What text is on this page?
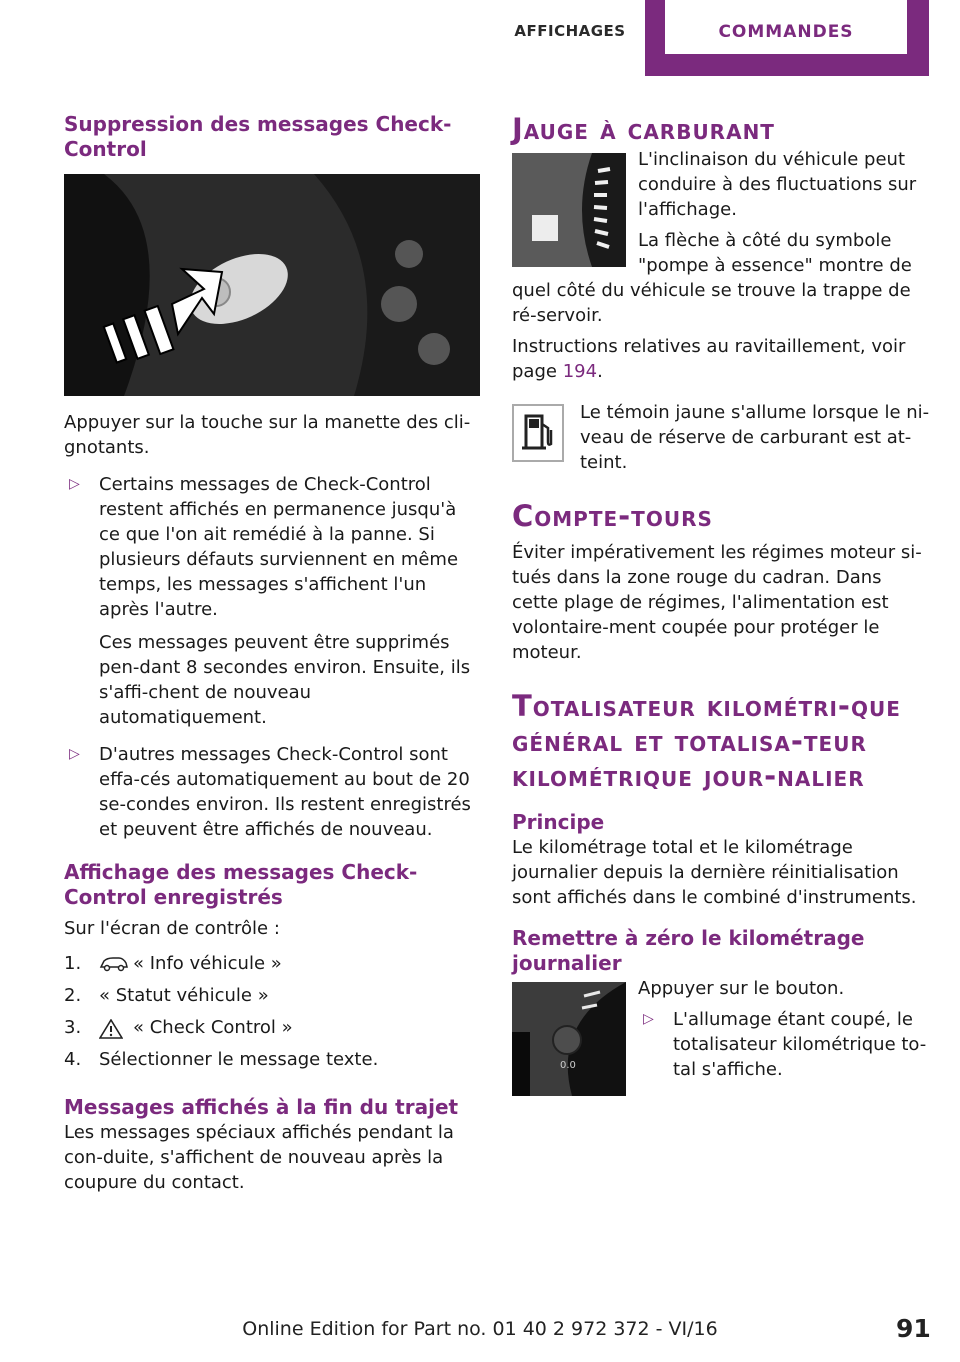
AFFICHAGES	COMMANDES
Suppression des messages Check-Control

Appuyer sur la touche sur la manette des cli-gnotants.

▷ Certains messages de Check-Control restent affichés en permanence jusqu'à ce que l'on ait remédié à la panne. Si plusieurs défauts surviennent en même temps, les messages s'affichent l'un après l'autre.

Ces messages peuvent être supprimés pen-dant 8 secondes environ. Ensuite, ils s'affi-chent de nouveau automatiquement.

▷ D'autres messages Check-Control sont effa-cés automatiquement au bout de 20 se-condes environ. Ils restent enregistrés et peuvent être affichés de nouveau.

Affichage des messages Check-Control enregistrés

Sur l'écran de contrôle :

1.	« Info véhicule »
2. « Statut véhicule »
3.	« Check Control »
4. Sélectionner le message texte.
Messages affichés à la fin du trajet

Les messages spéciaux affichés pendant la con-duite, s'affichent de nouveau après la coupure du contact.

Jauge à carburant

L'inclinaison du véhicule peut conduire à des fluctuations sur l'affichage.

La flèche à côté du symbole "pompe à essence" montre de quel côté du véhicule se trouve la trappe de ré-servoir.

Instructions relatives au ravitaillement, voir page 194.

Le témoin jaune s'allume lorsque le ni-veau de réserve de carburant est at-teint.

Compte-tours

Éviter impérativement les régimes moteur si-tués dans la zone rouge du cadran. Dans cette plage de régimes, l'alimentation est volontaire-ment coupée pour protéger le moteur.

Totalisateur kilométri-que général et totalisa-teur kilométrique jour-nalier
Principe

Le kilométrage total et le kilométrage journalier depuis la dernière réinitialisation sont affichés dans le combiné d'instruments.

Remettre à zéro le kilométrage journalier
0.0

Appuyer sur le bouton.

▷ L'allumage étant coupé, le totalisateur kilométrique to-tal s'affiche.

Online Edition for Part no. 01 40 2 972 372 - VI/16	91
